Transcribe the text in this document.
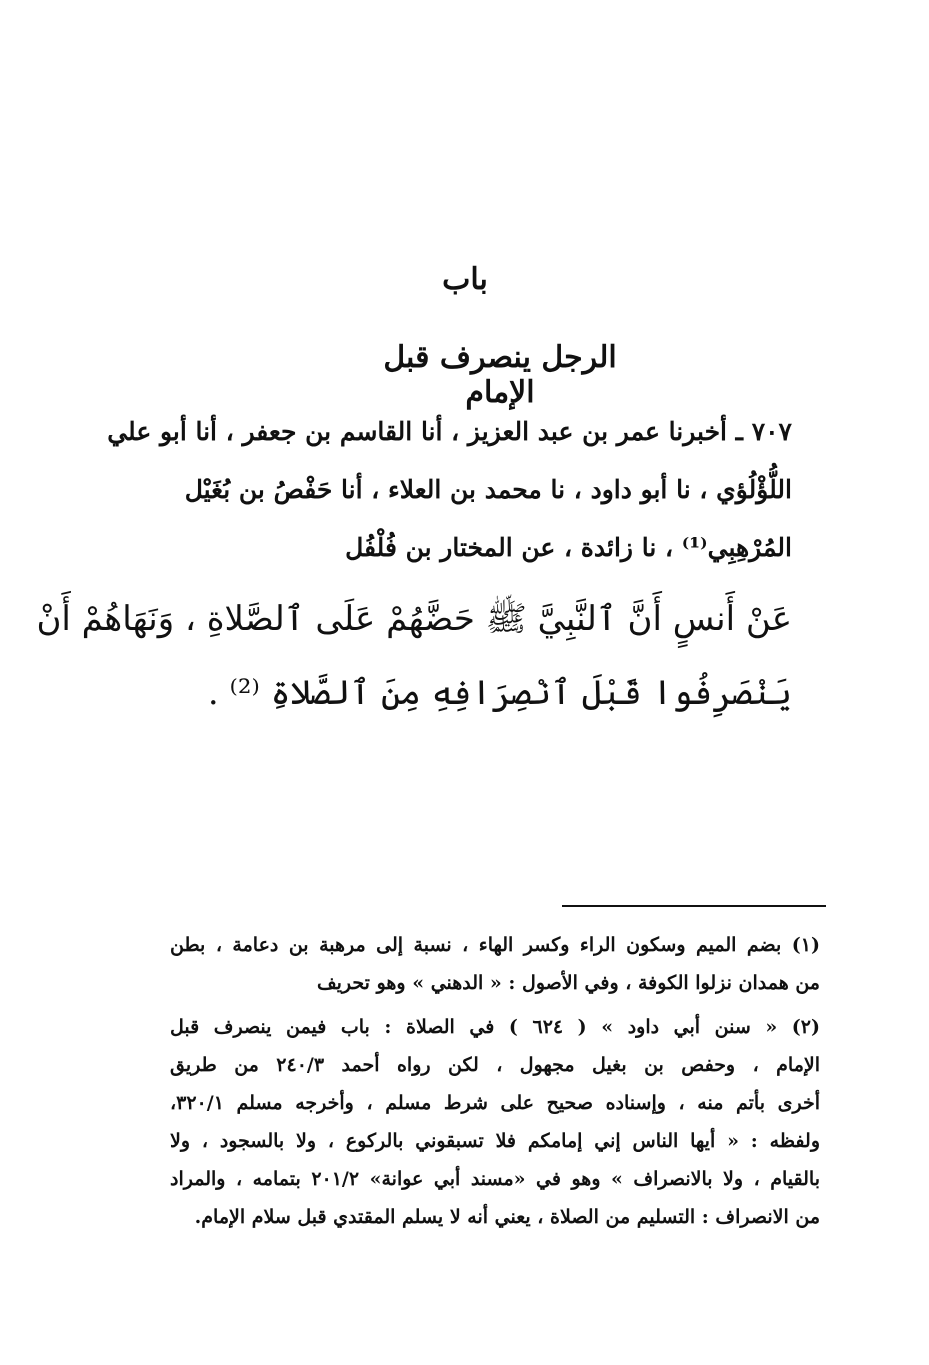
باب
الرجل ينصرف قبل الإمام
٧٠٧ ـ أخبرنا عمر بن عبد العزيز ، أنا القاسم بن جعفر ، أنا أبو علي
اللُّؤْلُؤي ، نا أبو داود ، نا محمد بن العلاء ، أنا حَفْصُ بن بُغَيْل
المُرْهِبِي⁽¹⁾ ، نا زائدة ، عن المختار بن فُلْفُل
عَنْ أَنسٍ أَنَّ ٱلنَّبِيَّ ﷺ حَضَّهُمْ عَلَى ٱلصَّلاةِ ، وَنَهَاهُمْ أَنْ
يَنْصَرِفُوا قَبْلَ ٱنْصِرَافِهِ مِنَ ٱلصَّلاةِ ⁽²⁾ .
(١) بضم الميم وسكون الراء وكسر الهاء ، نسبة إلى مرهبة بن دعامة ، بطن
من همدان نزلوا الكوفة ، وفي الأصول : « الدهني » وهو تحريف
(٢) « سنن أبي داود » ( ٦٢٤ ) في الصلاة : باب فيمن ينصرف قبل
الإمام ، وحفص بن بغيل مجهول ، لكن رواه أحمد ٢٤٠/٣ من طريق
أخرى بأتم منه ، وإسناده صحيح على شرط مسلم ، وأخرجه مسلم ٣٢٠/١،
ولفظه : « أيها الناس إني إمامكم فلا تسبقوني بالركوع ، ولا بالسجود ، ولا
بالقيام ، ولا بالانصراف » وهو في «مسند أبي عوانة» ٢٠١/٢ بتمامه ، والمراد
من الانصراف : التسليم من الصلاة ، يعني أنه لا يسلم المقتدي قبل سلام الإمام.
